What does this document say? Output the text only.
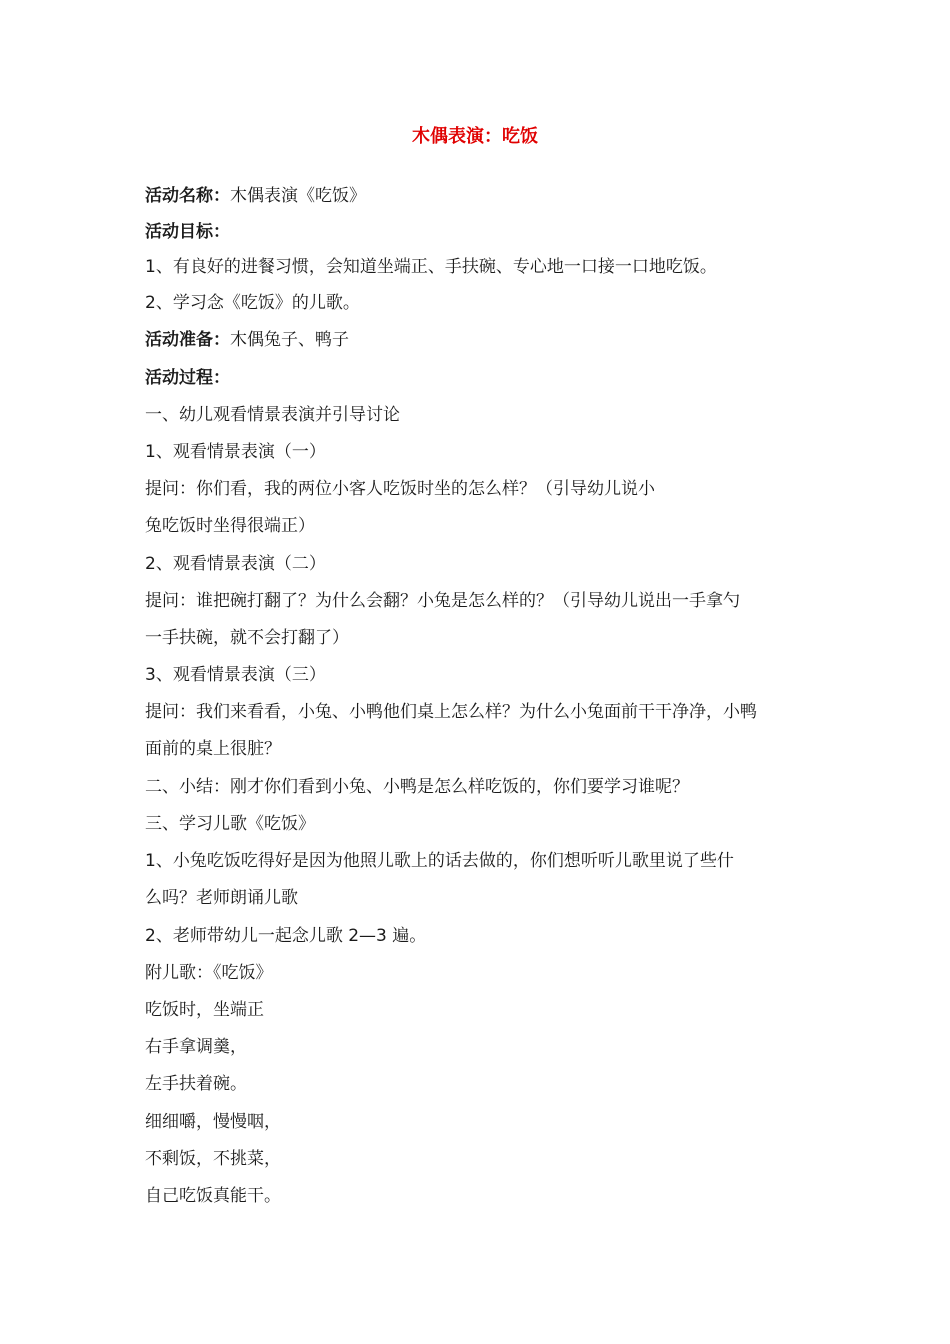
木偶表演：吃饭
活动名称：木偶表演《吃饭》
活动目标：
1、有良好的进餐习惯，会知道坐端正、手扶碗、专心地一口接一口地吃饭。
2、学习念《吃饭》的儿歌。
活动准备：木偶兔子、鸭子
活动过程：
一、幼儿观看情景表演并引导讨论
1、观看情景表演（一）
提问：你们看，我的两位小客人吃饭时坐的怎么样？（引导幼儿说小
兔吃饭时坐得很端正）
2、观看情景表演（二）
提问：谁把碗打翻了？为什么会翻？小兔是怎么样的？（引导幼儿说出一手拿勺
一手扶碗，就不会打翻了）
3、观看情景表演（三）
提问：我们来看看，小兔、小鸭他们桌上怎么样？为什么小兔面前干干净净，小鸭
面前的桌上很脏？
二、小结：刚才你们看到小兔、小鸭是怎么样吃饭的，你们要学习谁呢？
三、学习儿歌《吃饭》
1、小兔吃饭吃得好是因为他照儿歌上的话去做的，你们想听听儿歌里说了些什
么吗？老师朗诵儿歌
2、老师带幼儿一起念儿歌 2—3 遍。
附儿歌：《吃饭》
吃饭时，坐端正
右手拿调羹，
左手扶着碗。
细细嚼，慢慢咽，
不剩饭，不挑菜，
自己吃饭真能干。
